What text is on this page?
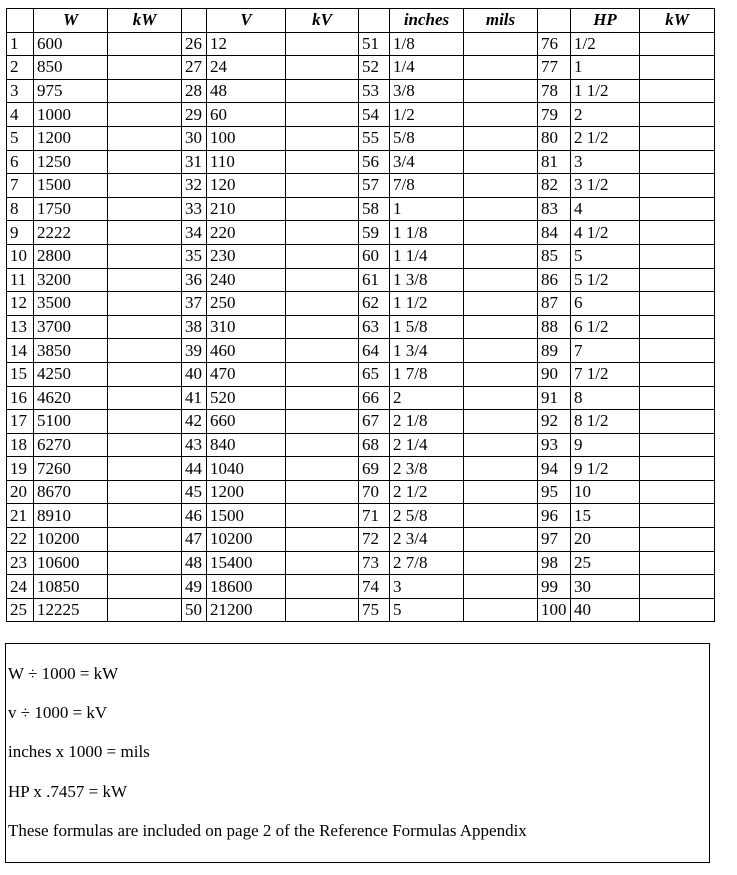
	W	kW		V	kV		inches	mils		HP	kW
1	600		26	12		51	1/8		76	1/2	
2	850		27	24		52	1/4		77	1	
3	975		28	48		53	3/8		78	1 1/2	
4	1000		29	60		54	1/2		79	2	
5	1200		30	100		55	5/8		80	2 1/2	
6	1250		31	110		56	3/4		81	3	
7	1500		32	120		57	7/8		82	3 1/2	
8	1750		33	210		58	1		83	4	
9	2222		34	220		59	1 1/8		84	4 1/2	
10	2800		35	230		60	1 1/4		85	5	
11	3200		36	240		61	1 3/8		86	5 1/2	
12	3500		37	250		62	1 1/2		87	6	
13	3700		38	310		63	1 5/8		88	6 1/2	
14	3850		39	460		64	1 3/4		89	7	
15	4250		40	470		65	1 7/8		90	7 1/2	
16	4620		41	520		66	2		91	8	
17	5100		42	660		67	2 1/8		92	8 1/2	
18	6270		43	840		68	2 1/4		93	9	
19	7260		44	1040		69	2 3/8		94	9 1/2	
20	8670		45	1200		70	2 1/2		95	10	
21	8910		46	1500		71	2 5/8		96	15	
22	10200		47	10200		72	2 3/4		97	20	
23	10600		48	15400		73	2 7/8		98	25	
24	10850		49	18600		74	3		99	30	
25	12225		50	21200		75	5		100	40	
W ÷ 1000 = kW
v ÷ 1000 = kV
inches x 1000 = mils
HP x .7457 = kW
These formulas are included on page 2 of the Reference Formulas Appendix
